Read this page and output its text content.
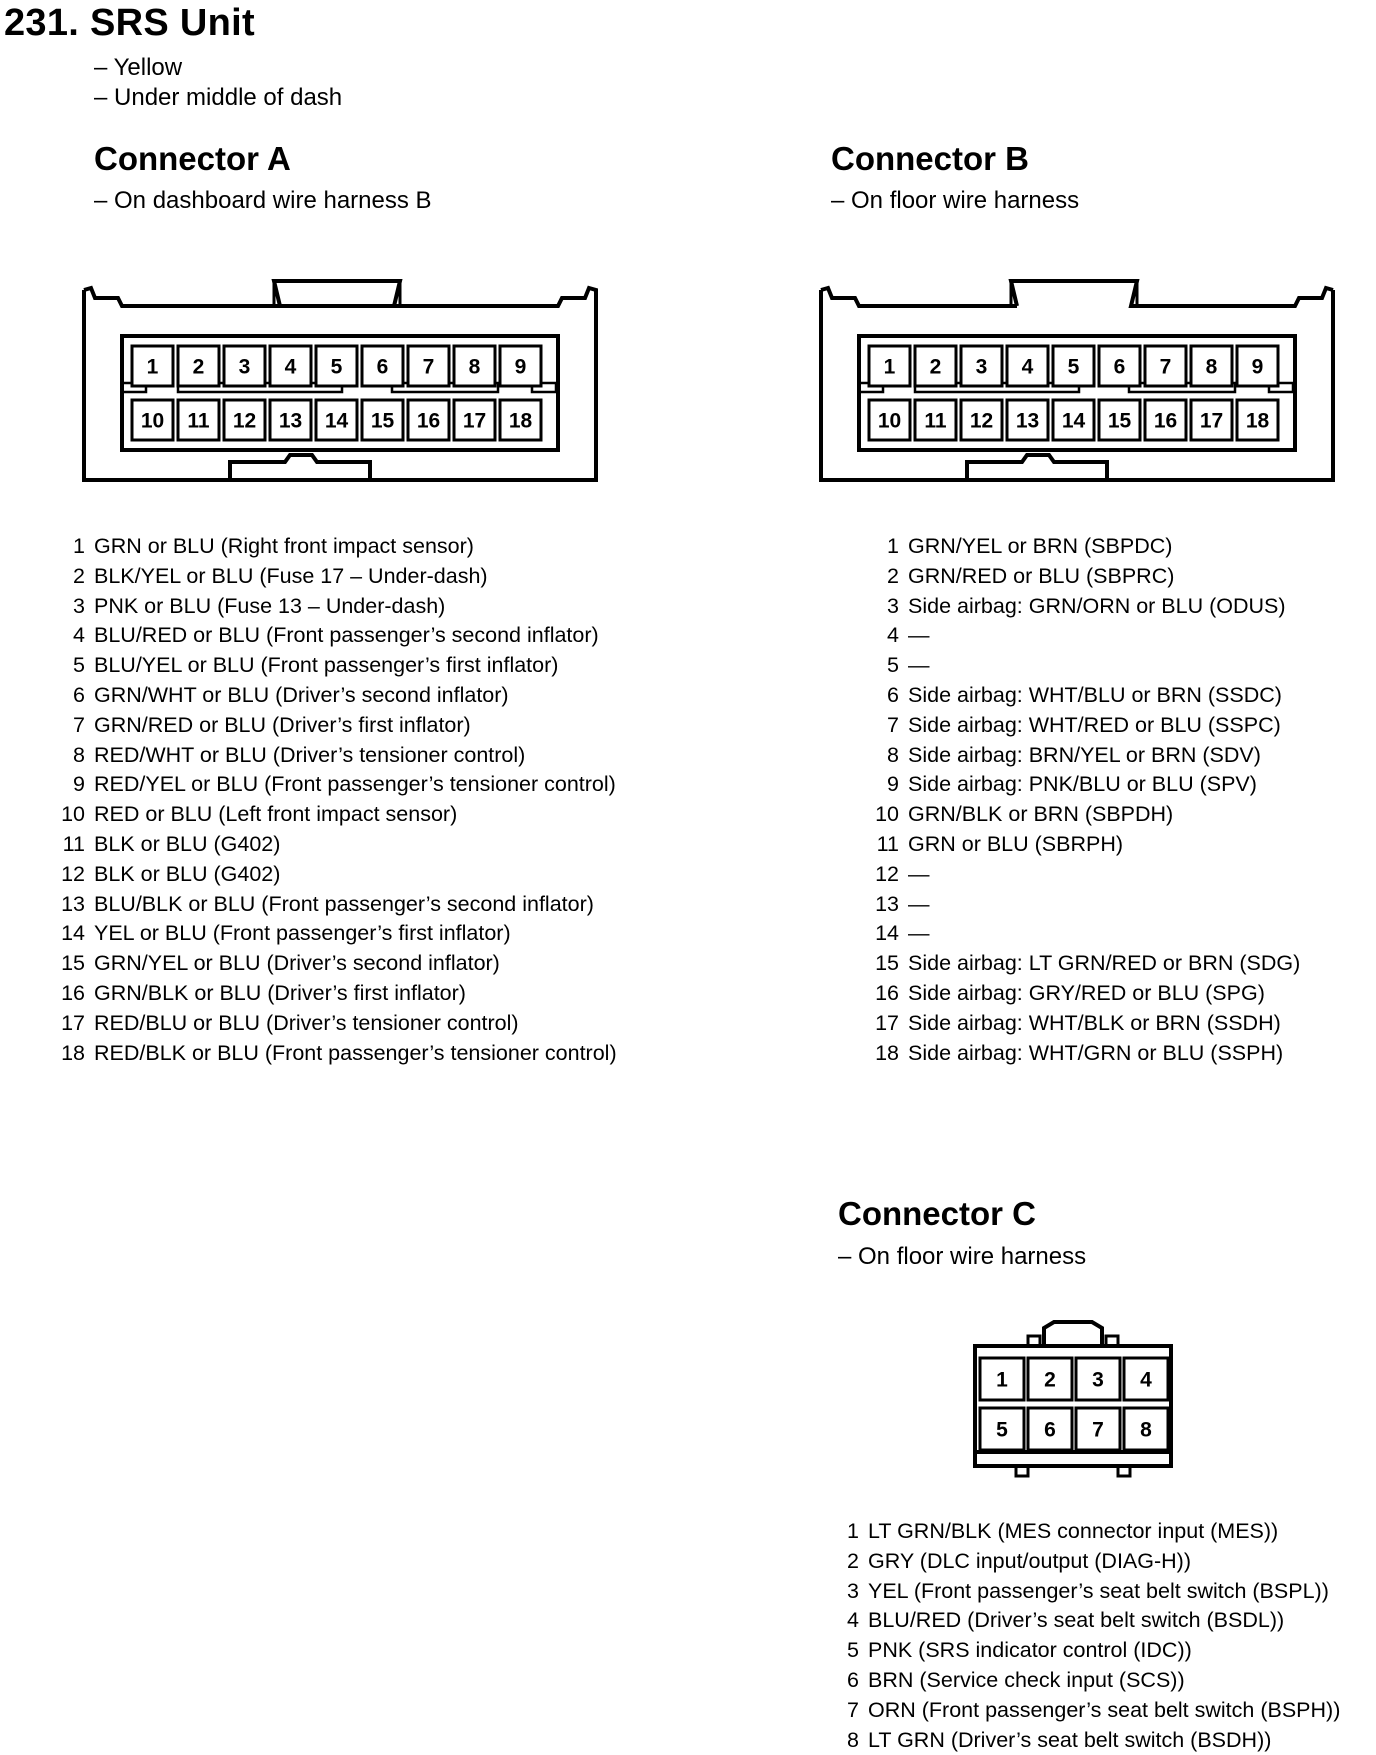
231. SRS Unit
– Yellow
– Under middle of dash
Connector A
– On dashboard wire harness B
1 2 3 4 5 6 7 8 9
10 11 12 13 14 15 16 17 18
1 GRN or BLU (Right front impact sensor)
2 BLK/YEL or BLU (Fuse 17 – Under-dash)
3 PNK or BLU (Fuse 13 – Under-dash)
4 BLU/RED or BLU (Front passenger’s second inflator)
5 BLU/YEL or BLU (Front passenger’s first inflator)
6 GRN/WHT or BLU (Driver’s second inflator)
7 GRN/RED or BLU (Driver’s first inflator)
8 RED/WHT or BLU (Driver’s tensioner control)
9 RED/YEL or BLU (Front passenger’s tensioner control)
10 RED or BLU (Left front impact sensor)
11 BLK or BLU (G402)
12 BLK or BLU (G402)
13 BLU/BLK or BLU (Front passenger’s second inflator)
14 YEL or BLU (Front passenger’s first inflator)
15 GRN/YEL or BLU (Driver’s second inflator)
16 GRN/BLK or BLU (Driver’s first inflator)
17 RED/BLU or BLU (Driver’s tensioner control)
18 RED/BLK or BLU (Front passenger’s tensioner control)
Connector B
– On floor wire harness
1 2 3 4 5 6 7 8 9
10 11 12 13 14 15 16 17 18
1 GRN/YEL or BRN (SBPDC)
2 GRN/RED or BLU (SBPRC)
3 Side airbag: GRN/ORN or BLU (ODUS)
4 —
5 —
6 Side airbag: WHT/BLU or BRN (SSDC)
7 Side airbag: WHT/RED or BLU (SSPC)
8 Side airbag: BRN/YEL or BRN (SDV)
9 Side airbag: PNK/BLU or BLU (SPV)
10 GRN/BLK or BRN (SBPDH)
11 GRN or BLU (SBRPH)
12 —
13 —
14 —
15 Side airbag: LT GRN/RED or BRN (SDG)
16 Side airbag: GRY/RED or BLU (SPG)
17 Side airbag: WHT/BLK or BRN (SSDH)
18 Side airbag: WHT/GRN or BLU (SSPH)
Connector C
– On floor wire harness
1 2 3 4
5 6 7 8
1 LT GRN/BLK (MES connector input (MES))
2 GRY (DLC input/output (DIAG-H))
3 YEL (Front passenger’s seat belt switch (BSPL))
4 BLU/RED (Driver’s seat belt switch (BSDL))
5 PNK (SRS indicator control (IDC))
6 BRN (Service check input (SCS))
7 ORN (Front passenger’s seat belt switch (BSPH))
8 LT GRN (Driver’s seat belt switch (BSDH))
